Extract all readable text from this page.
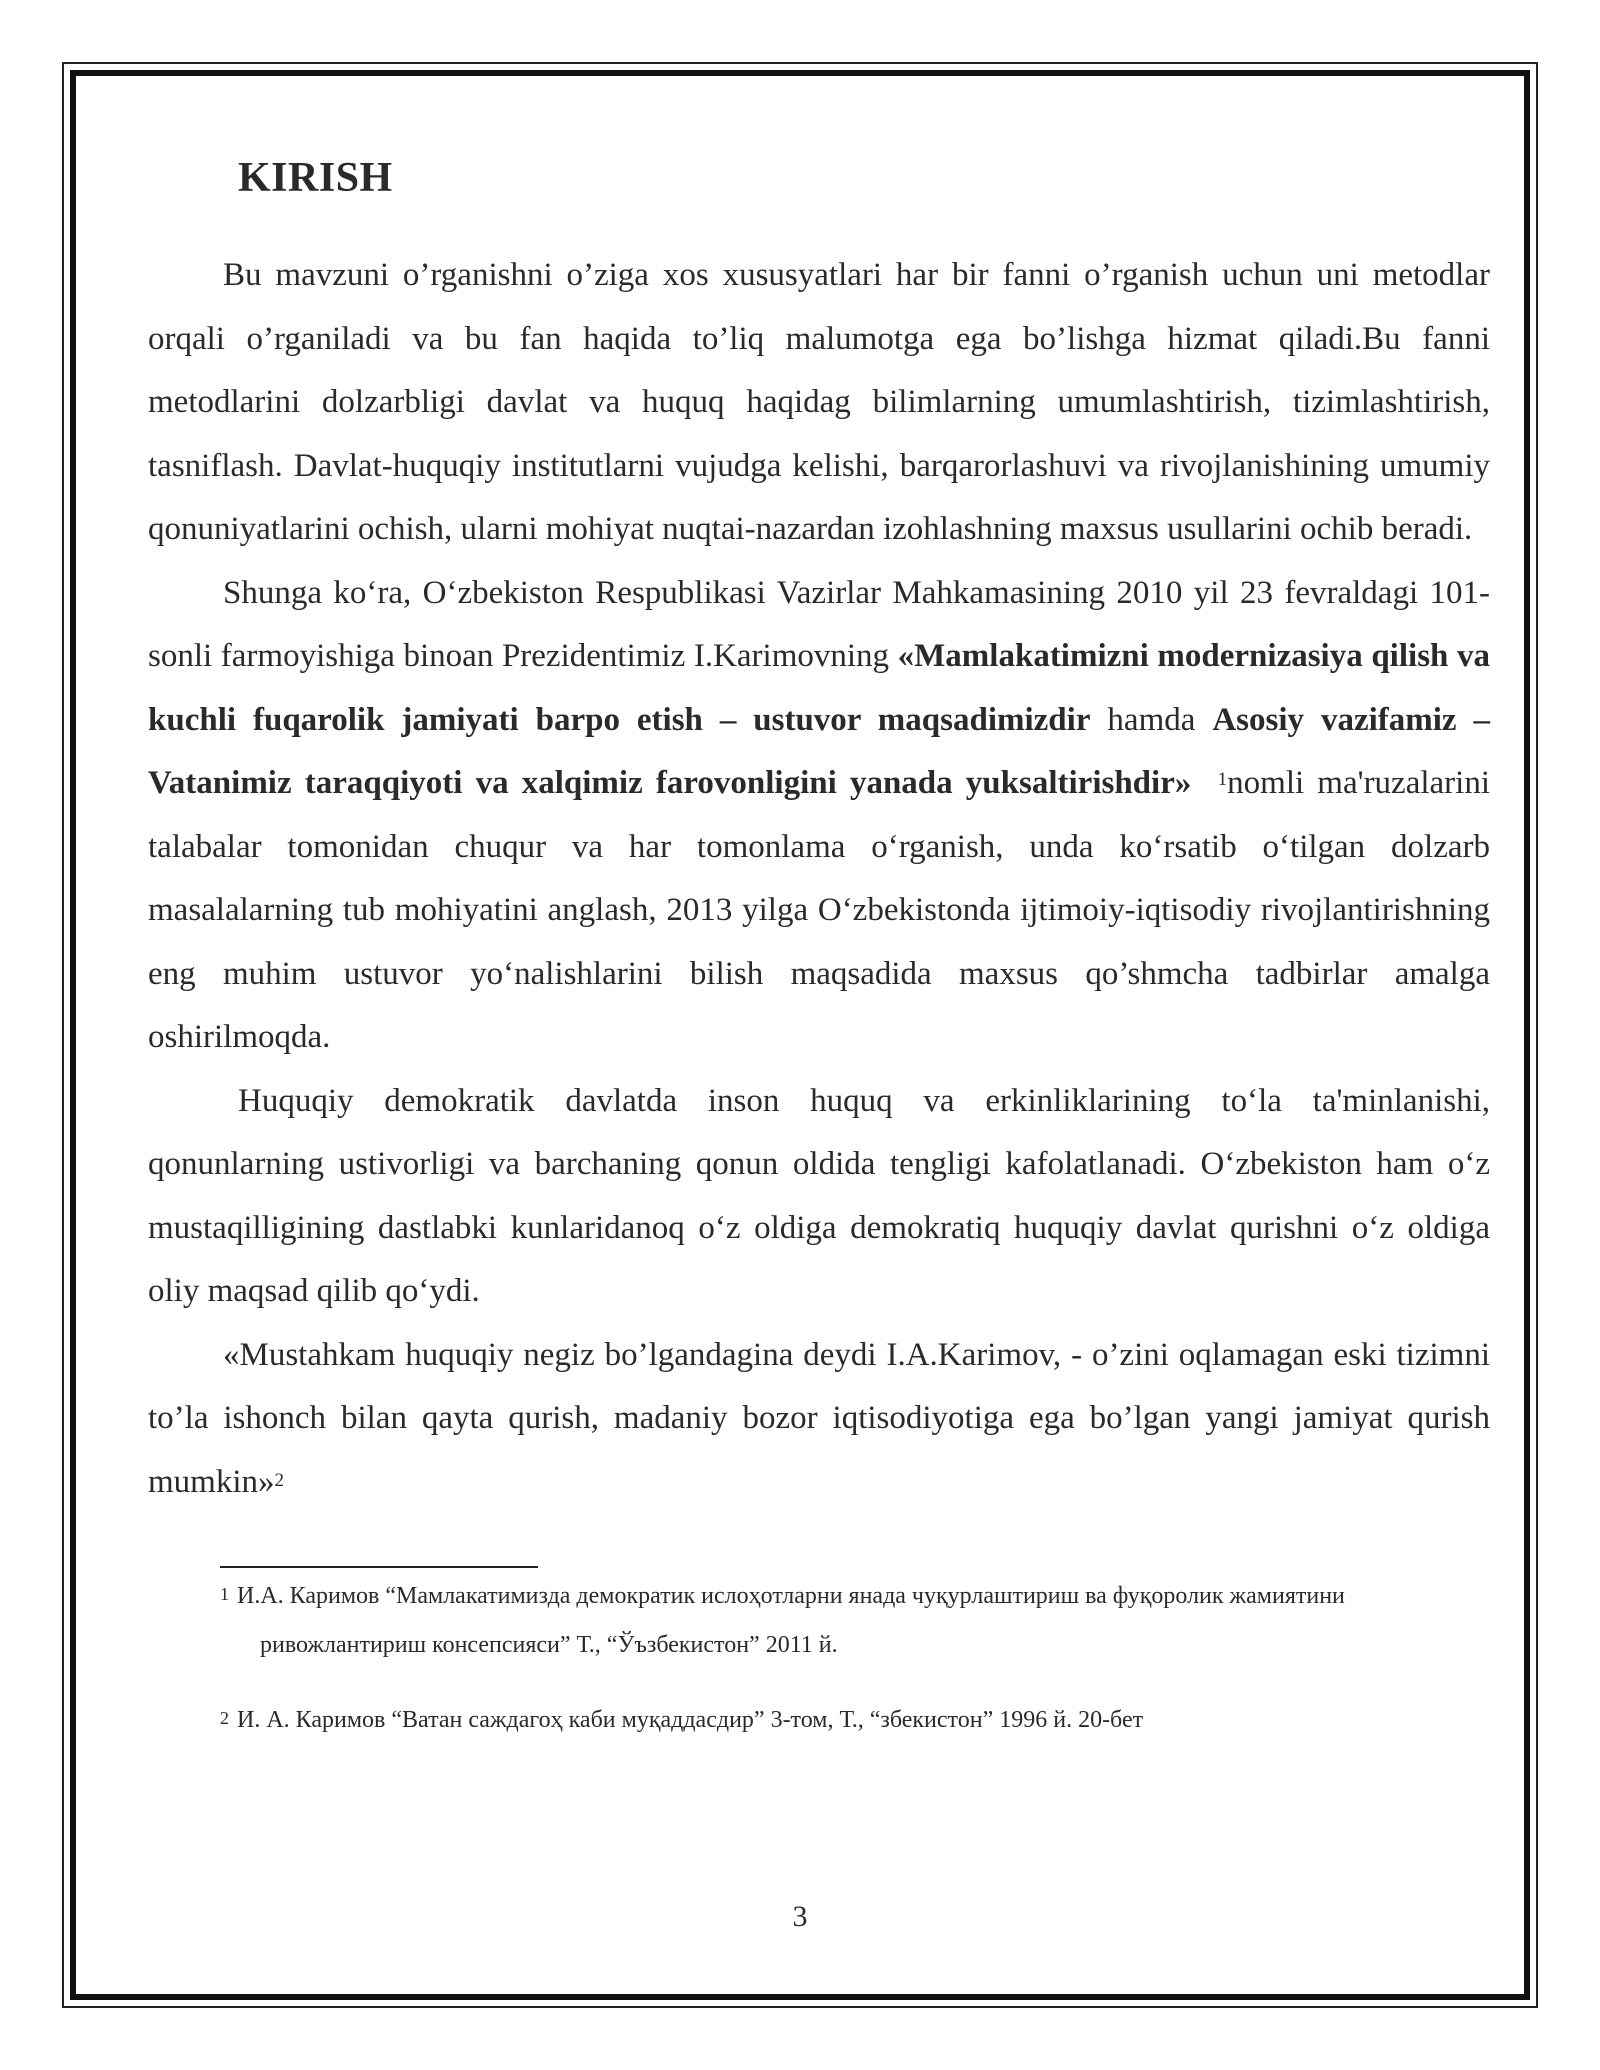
KIRISH

Bu mavzuni o’rganishni o’ziga xos xususyatlari har bir fanni o’rganish uchun uni metodlar orqali o’rganiladi va bu fan haqida to’liq malumotga ega bo’lishga hizmat qiladi.Bu fanni metodlarini dolzarbligi davlat va huquq haqidag bilimlarning umumlashtirish, tizimlashtirish, tasniflash. Davlat-huquqiy institutlarni vujudga kelishi, barqarorlashuvi va rivojlanishining umumiy qonuniyatlarini ochish, ularni mohiyat nuqtai-nazardan izohlashning maxsus usullarini ochib beradi.

Shunga koʻra, Oʻzbekiston Respublikasi Vazirlar Mahkamasining 2010 yil 23 fevraldagi 101-sonli farmoyishiga binoan Prezidentimiz I.Karimovning «Mamlakatimizni modernizasiya qilish va kuchli fuqarolik jamiyati barpo etish – ustuvor maqsadimizdir hamda Asosiy vazifamiz – Vatanimiz taraqqiyoti va xalqimiz farovonligini yanada yuksaltirishdir» $^1$nomli ma'ruzalarini talabalar tomonidan chuqur va har tomonlama oʻrganish, unda koʻrsatib oʻtilgan dolzarb masalalarning tub mohiyatini anglash, 2013 yilga Oʻzbekistonda ijtimoiy-iqtisodiy rivojlantirishning eng muhim ustuvor yoʻnalishlarini bilish maqsadida maxsus qo’shmcha tadbirlar amalga oshirilmoqda.

Huquqiy demokratik davlatda inson huquq va erkinliklarining toʻla ta'minlanishi, qonunlarning ustivorligi va barchaning qonun oldida tengligi kafolatlanadi. Oʻzbekiston ham oʻz mustaqilligining dastlabki kunlaridanoq oʻz oldiga demokratiq huquqiy davlat qurishni oʻz oldiga oliy maqsad qilib qoʻydi.

«Mustahkam huquqiy negiz bo’lgandagina deydi I.A.Karimov, - o’zini oqlamagan eski tizimni to’la ishonch bilan qayta qurish, madaniy bozor iqtisodiyotiga ega bo’lgan yangi jamiyat qurish mumkin»$^2$

$^1$ И.А. Каримов “Мамлакатимизда демократик ислоҳотларни янада чуқурлаштириш ва фуқоролик жамиятини ривожлантириш консепсияси” Т., “Ўъзбекистон” 2011 й.
$^2$ И. А. Каримов “Ватан саждагоҳ каби муқаддасдир” 3-том, Т., “збекистон” 1996 й. 20-бет
3
